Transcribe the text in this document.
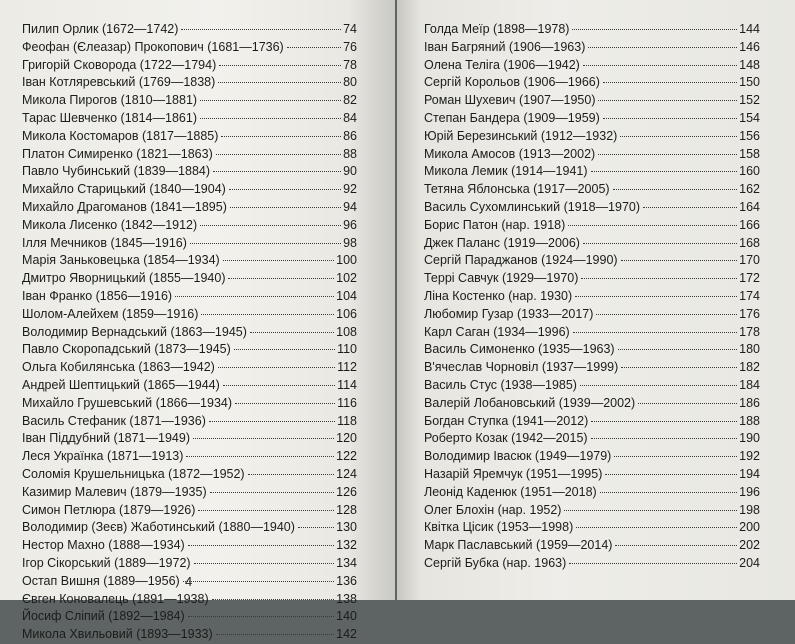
Пилип Орлик (1672—1742)	74
Феофан (Єлеазар) Прокопович (1681—1736)	76
Григорій Сковорода (1722—1794)	78
Іван Котляревський (1769—1838)	80
Микола Пирогов (1810—1881)	82
Тарас Шевченко (1814—1861)	84
Микола Костомаров (1817—1885)	86
Платон Симиренко (1821—1863)	88
Павло Чубинський (1839—1884)	90
Михайло Старицький (1840—1904)	92
Михайло Драгоманов (1841—1895)	94
Микола Лисенко (1842—1912)	96
Ілля Мечников (1845—1916)	98
Марія Заньковецька (1854—1934)	100
Дмитро Яворницький (1855—1940)	102
Іван Франко (1856—1916)	104
Шолом-Алейхем (1859—1916)	106
Володимир Вернадський (1863—1945)	108
Павло Скоропадський (1873—1945)	110
Ольга Кобилянська (1863—1942)	112
Андрей Шептицький (1865—1944)	114
Михайло Грушевський (1866—1934)	116
Василь Стефаник (1871—1936)	118
Іван Піддубний (1871—1949)	120
Леся Українка (1871—1913)	122
Соломія Крушельницька (1872—1952)	124
Казимир Малевич (1879—1935)	126
Симон Петлюра (1879—1926)	128
Володимир (Зеєв) Жаботинський (1880—1940)	130
Нестор Махно (1888—1934)	132
Ігор Сікорський (1889—1972)	134
Остап Вишня (1889—1956)	136
Євген Коновалець (1891—1938)	138
Йосиф Сліпий (1892—1984)	140
Микола Хвильовий (1893—1933)	142
4
Голда Меїр (1898—1978)	144
Іван Багряний (1906—1963)	146
Олена Теліга (1906—1942)	148
Сергій Корольов (1906—1966)	150
Роман Шухевич (1907—1950)	152
Степан Бандера (1909—1959)	154
Юрій Березинський (1912—1932)	156
Микола Амосов (1913—2002)	158
Микола Лемик (1914—1941)	160
Тетяна Яблонська (1917—2005)	162
Василь Сухомлинський (1918—1970)	164
Борис Патон (нар. 1918)	166
Джек Паланс (1919—2006)	168
Сергій Параджанов (1924—1990)	170
Террі Савчук (1929—1970)	172
Ліна Костенко (нар. 1930)	174
Любомир Гузар (1933—2017)	176
Карл Саган (1934—1996)	178
Василь Симоненко (1935—1963)	180
В'ячеслав Чорновіл (1937—1999)	182
Василь Стус (1938—1985)	184
Валерій Лобановський (1939—2002)	186
Богдан Ступка (1941—2012)	188
Роберто Козак (1942—2015)	190
Володимир Івасюк (1949—1979)	192
Назарій Яремчук (1951—1995)	194
Леонід Каденюк (1951—2018)	196
Олег Блохін (нар. 1952)	198
Квітка Цісик (1953—1998)	200
Марк Паславський (1959—2014)	202
Сергій Бубка (нар. 1963)	204
